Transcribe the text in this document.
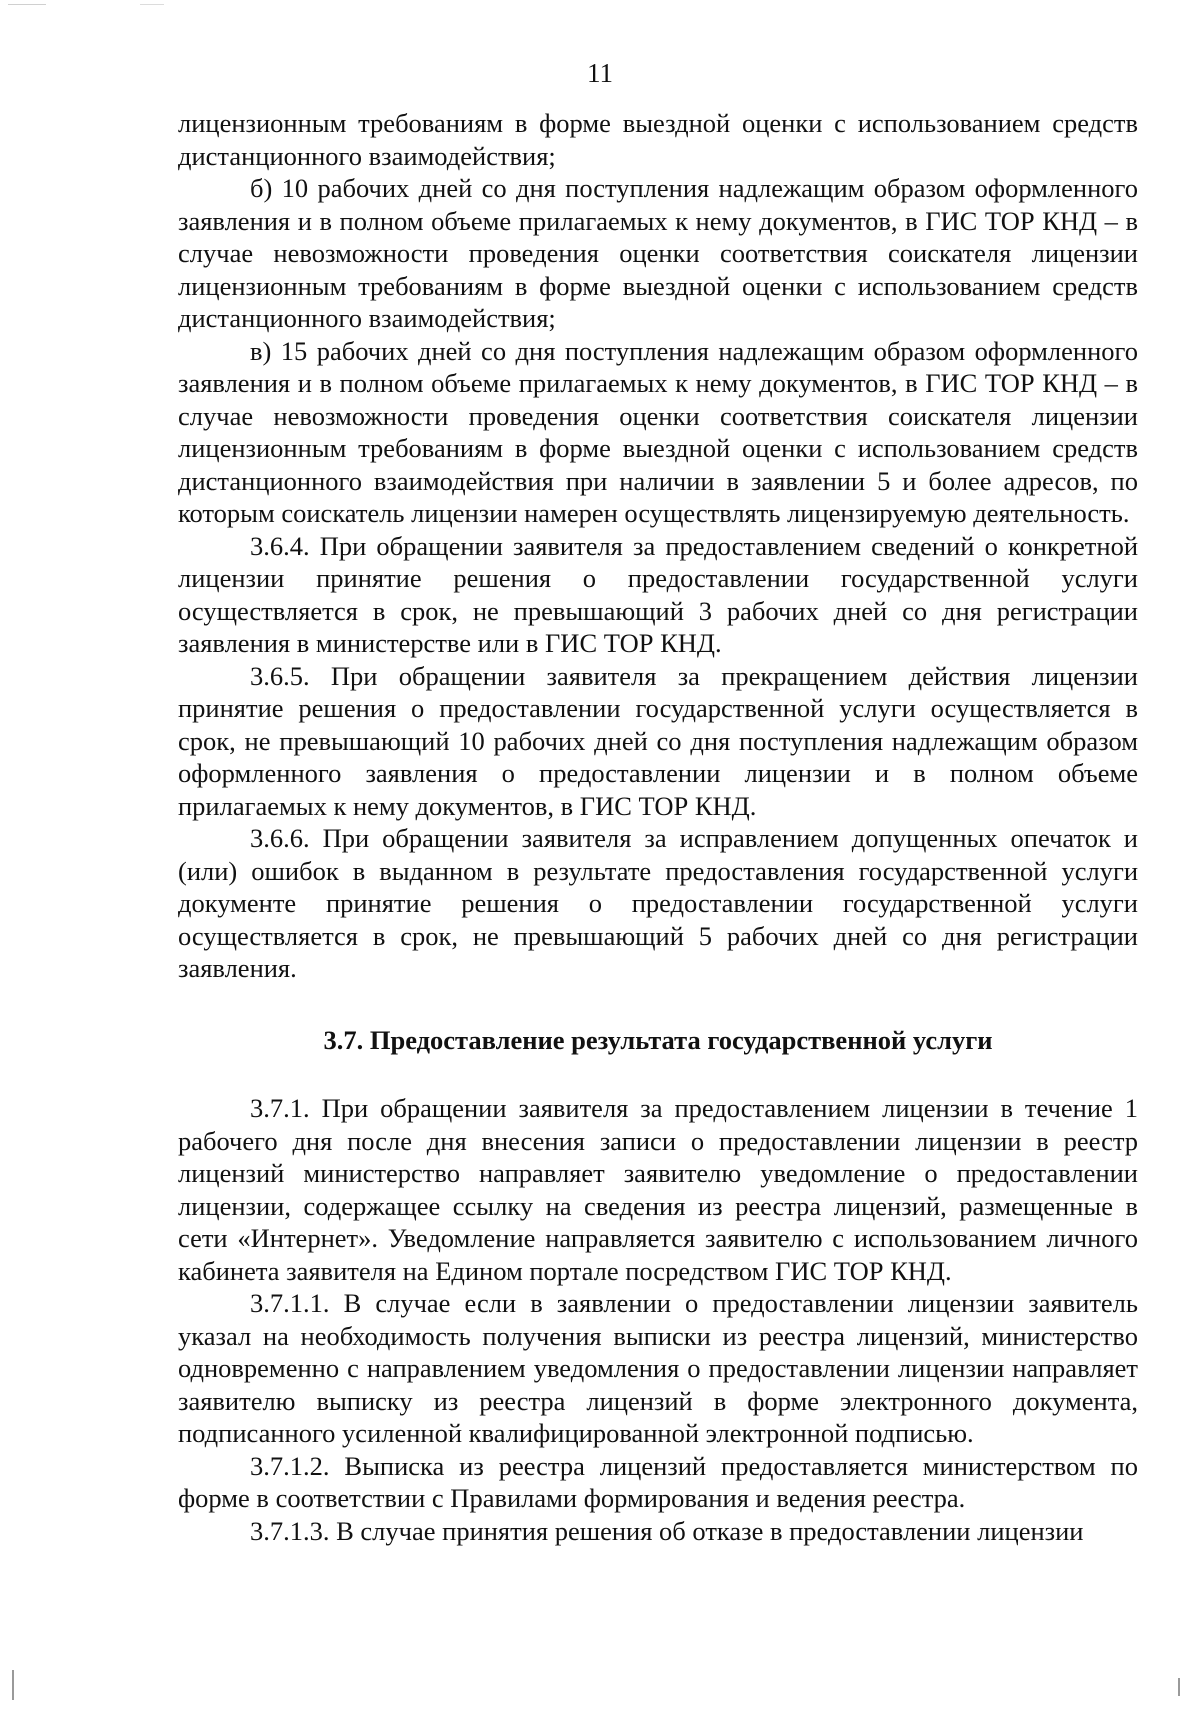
11

лицензионным требованиям в форме выездной оценки с использованием средств дистанционного взаимодействия;

б) 10 рабочих дней со дня поступления надлежащим образом оформленного заявления и в полном объеме прилагаемых к нему документов, в ГИС ТОР КНД – в случае невозможности проведения оценки соответствия соискателя лицензии лицензионным требованиям в форме выездной оценки с использованием средств дистанционного взаимодействия;

в) 15 рабочих дней со дня поступления надлежащим образом оформленного заявления и в полном объеме прилагаемых к нему документов, в ГИС ТОР КНД – в случае невозможности проведения оценки соответствия соискателя лицензии лицензионным требованиям в форме выездной оценки с использованием средств дистанционного взаимодействия при наличии в заявлении 5 и более адресов, по которым соискатель лицензии намерен осуществлять лицензируемую деятельность.

3.6.4. При обращении заявителя за предоставлением сведений о конкретной лицензии принятие решения о предоставлении государственной услуги осуществляется в срок, не превышающий 3 рабочих дней со дня регистрации заявления в министерстве или в ГИС ТОР КНД.

3.6.5. При обращении заявителя за прекращением действия лицензии принятие решения о предоставлении государственной услуги осуществляется в срок, не превышающий 10 рабочих дней со дня поступления надлежащим образом оформленного заявления о предоставлении лицензии и в полном объеме прилагаемых к нему документов, в ГИС ТОР КНД.

3.6.6. При обращении заявителя за исправлением допущенных опечаток и (или) ошибок в выданном в результате предоставления государственной услуги документе принятие решения о предоставлении государственной услуги осуществляется в срок, не превышающий 5 рабочих дней со дня регистрации заявления.

3.7. Предоставление результата государственной услуги

3.7.1. При обращении заявителя за предоставлением лицензии в течение 1 рабочего дня после дня внесения записи о предоставлении лицензии в реестр лицензий министерство направляет заявителю уведомление о предоставлении лицензии, содержащее ссылку на сведения из реестра лицензий, размещенные в сети «Интернет». Уведомление направляется заявителю с использованием личного кабинета заявителя на Едином портале посредством ГИС ТОР КНД.

3.7.1.1. В случае если в заявлении о предоставлении лицензии заявитель указал на необходимость получения выписки из реестра лицензий, министерство одновременно с направлением уведомления о предоставлении лицензии направляет заявителю выписку из реестра лицензий в форме электронного документа, подписанного усиленной квалифицированной электронной подписью.

3.7.1.2. Выписка из реестра лицензий предоставляется министерством по форме в соответствии с Правилами формирования и ведения реестра.

3.7.1.3. В случае принятия решения об отказе в предоставлении лицензии
